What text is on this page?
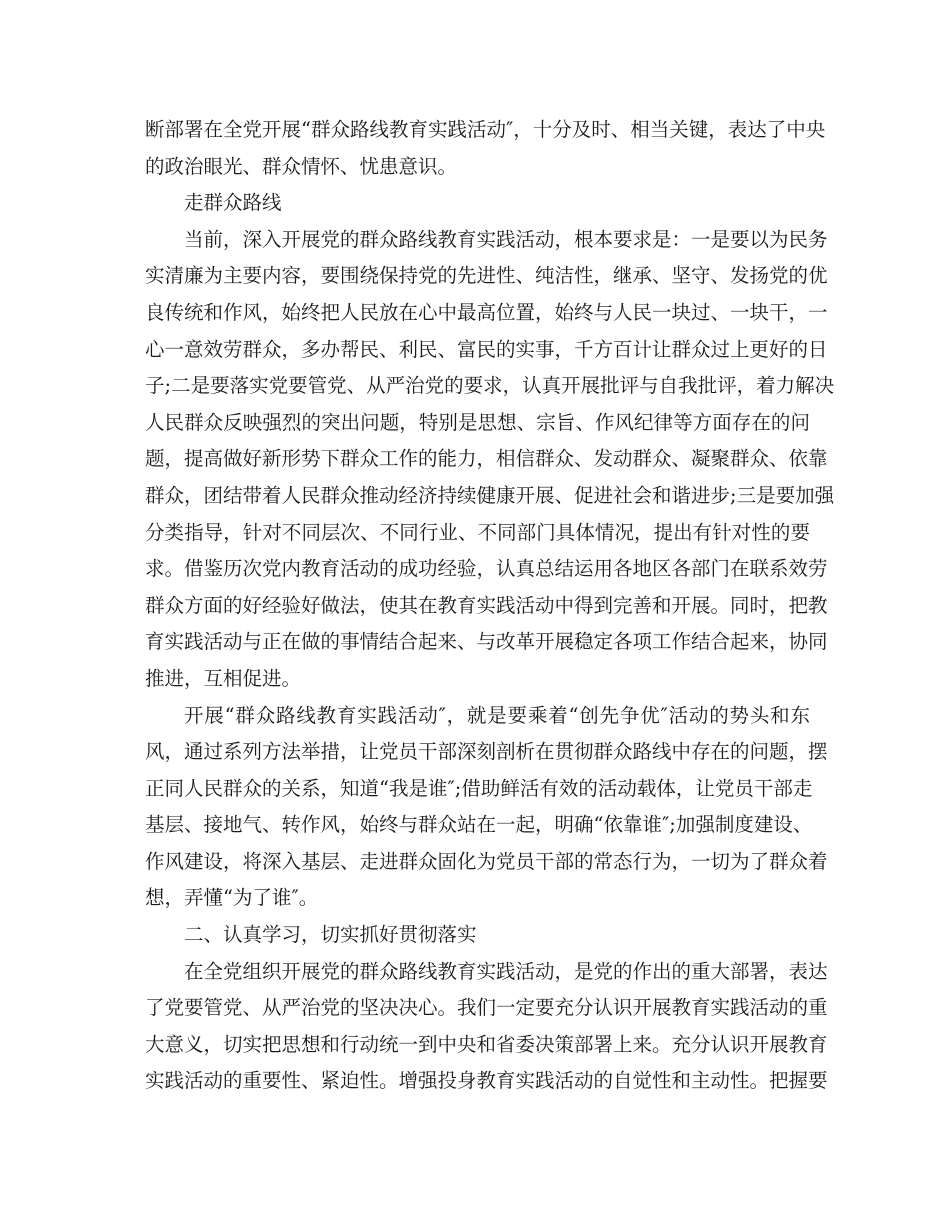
断部署在全党开展“群众路线教育实践活动″，十分及时、相当关键，表达了中央
的政治眼光、群众情怀、忧患意识。
走群众路线
当前，深入开展党的群众路线教育实践活动，根本要求是：一是要以为民务
实清廉为主要内容，要围绕保持党的先进性、纯洁性，继承、坚守、发扬党的优
良传统和作风，始终把人民放在心中最高位置，始终与人民一块过、一块干，一
心一意效劳群众，多办帮民、利民、富民的实事，千方百计让群众过上更好的日
子;二是要落实党要管党、从严治党的要求，认真开展批评与自我批评，着力解决
人民群众反映强烈的突出问题，特别是思想、宗旨、作风纪律等方面存在的问
题，提高做好新形势下群众工作的能力，相信群众、发动群众、凝聚群众、依靠
群众，团结带着人民群众推动经济持续健康开展、促进社会和谐进步;三是要加强
分类指导，针对不同层次、不同行业、不同部门具体情况，提出有针对性的要
求。借鉴历次党内教育活动的成功经验，认真总结运用各地区各部门在联系效劳
群众方面的好经验好做法，使其在教育实践活动中得到完善和开展。同时，把教
育实践活动与正在做的事情结合起来、与改革开展稳定各项工作结合起来，协同
推进，互相促进。
开展“群众路线教育实践活动″，就是要乘着“创先争优″活动的势头和东
风，通过系列方法举措，让党员干部深刻剖析在贯彻群众路线中存在的问题，摆
正同人民群众的关系，知道“我是谁″;借助鲜活有效的活动载体，让党员干部走
基层、接地气、转作风，始终与群众站在一起，明确“依靠谁″;加强制度建设、
作风建设，将深入基层、走进群众固化为党员干部的常态行为，一切为了群众着
想，弄懂“为了谁″。
二、认真学习，切实抓好贯彻落实
在全党组织开展党的群众路线教育实践活动，是党的作出的重大部署，表达
了党要管党、从严治党的坚决决心。我们一定要充分认识开展教育实践活动的重
大意义，切实把思想和行动统一到中央和省委决策部署上来。充分认识开展教育
实践活动的重要性、紧迫性。增强投身教育实践活动的自觉性和主动性。把握要
